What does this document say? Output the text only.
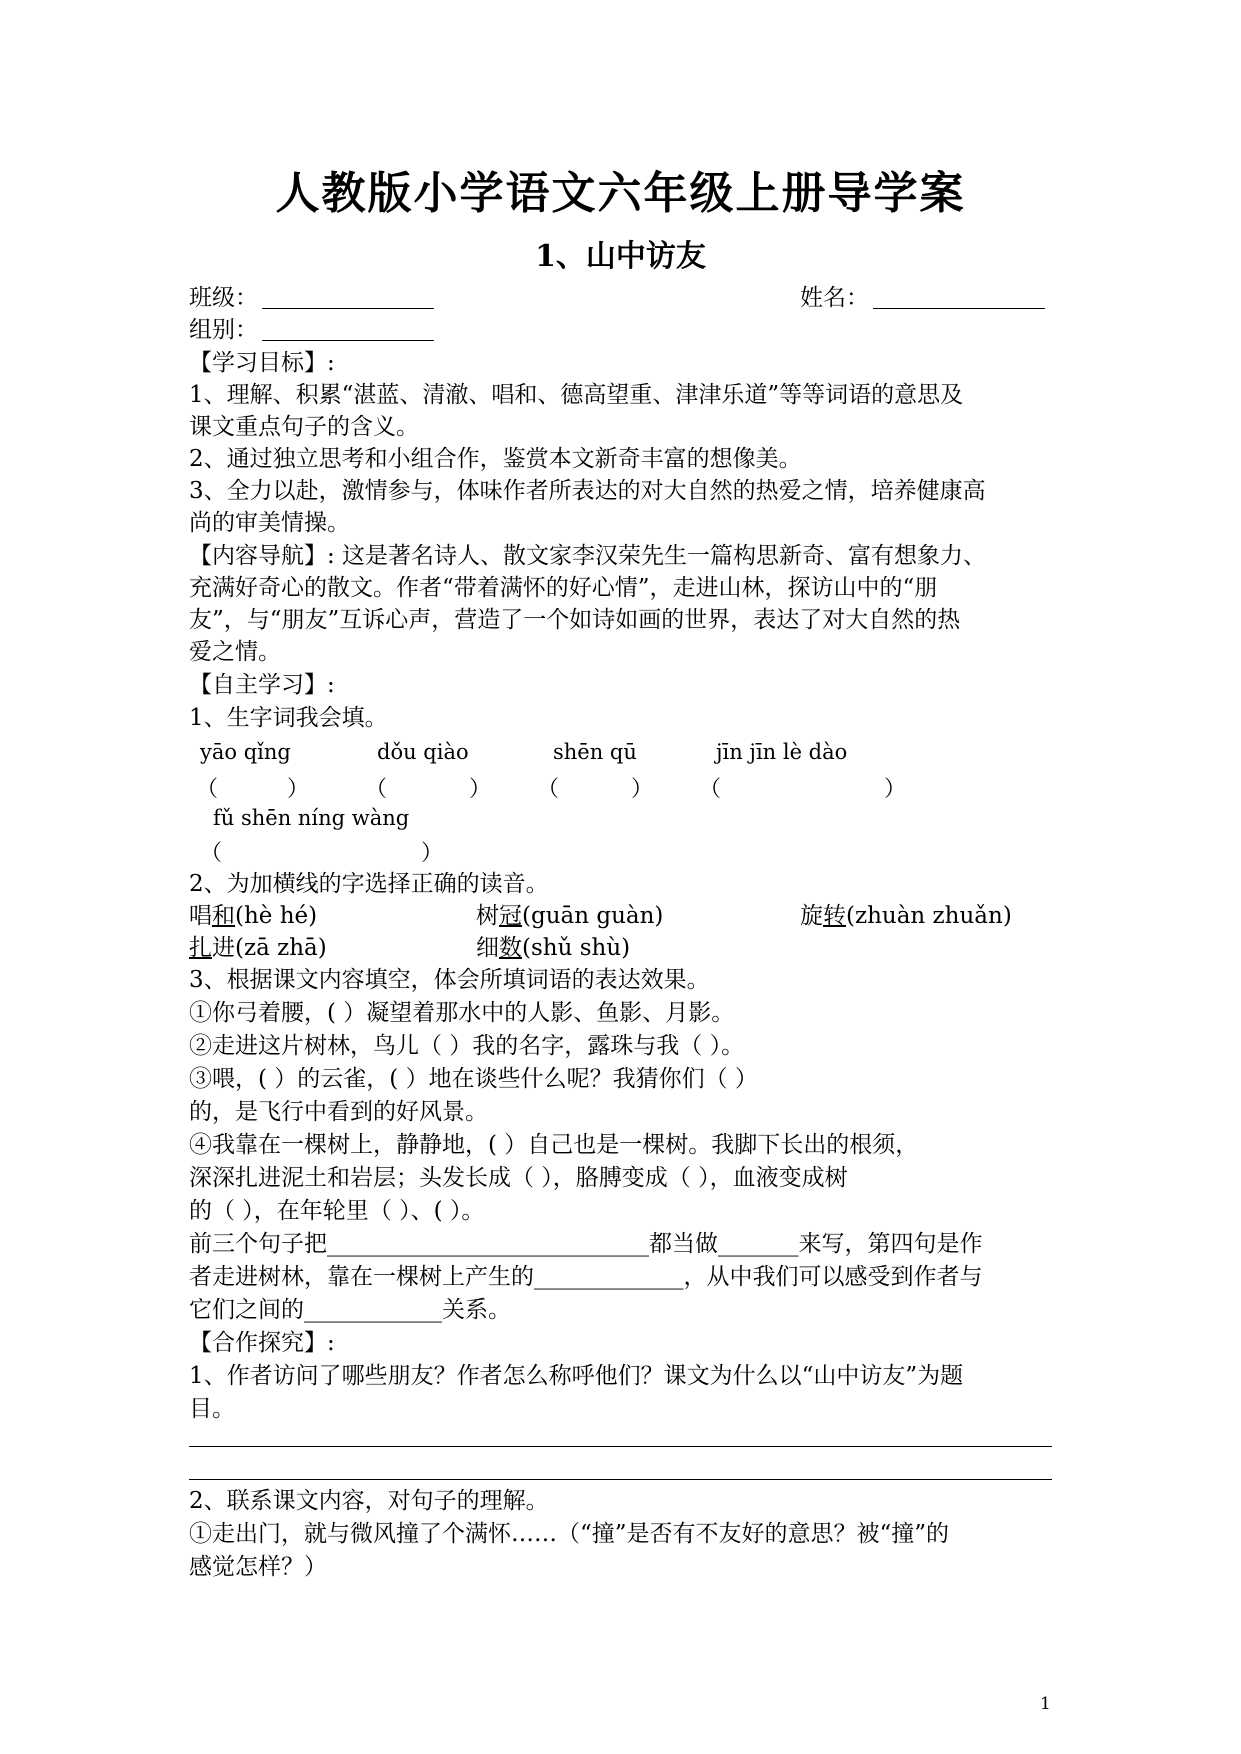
人教版小学语文六年级上册导学案
1、山中访友
班级：	姓名：
组别：
【学习目标】:
1、理解、积累“湛蓝、清澈、唱和、德高望重、津津乐道”等等词语的意思及
课文重点句子的含义。
2、通过独立思考和小组合作，鉴赏本文新奇丰富的想像美。
3、全力以赴，激情参与，体味作者所表达的对大自然的热爱之情，培养健康高
尚的审美情操。
【内容导航】: 这是著名诗人、散文家李汉荣先生一篇构思新奇、富有想象力、
充满好奇心的散文。作者“带着满怀的好心情”，走进山林，探访山中的“朋
友”，与“朋友”互诉心声，营造了一个如诗如画的世界，表达了对大自然的热
爱之情。
【自主学习】:
1、生字词我会填。
yāo qǐng	dǒu qiào	shēn qū	jīn jīn lè dào
（	）	（	） （	） （	）
fǔ shēn níng wàng
（	）
2、为加横线的字选择正确的读音。
唱和(hè hé)	树冠(guān guàn)	旋转(zhuàn zhuǎn)
扎进(zā zhā)	细数(shǔ shù)
3、根据课文内容填空，体会所填词语的表达效果。
①你弓着腰，( ）凝望着那水中的人影、鱼影、月影。
②走进这片树林，鸟儿（ ）我的名字，露珠与我（ ）。
③喂，( ）的云雀，( ）地在谈些什么呢？我猜你们（ ）
的，是飞行中看到的好风景。
④我靠在一棵树上，静静地，( ）自己也是一棵树。我脚下长出的根须，
深深扎进泥土和岩层；头发长成（ ），胳膊变成（ ），血液变成树
的（ ），在年轮里（ ）、( ）。
前三个句子把____________________________都当做_______来写，第四句是作
者走进树林，靠在一棵树上产生的_____________，从中我们可以感受到作者与
它们之间的____________关系。
【合作探究】:
1、作者访问了哪些朋友？作者怎么称呼他们？课文为什么以“山中访友”为题
目。
2、联系课文内容，对句子的理解。
①走出门，就与微风撞了个满怀……（“撞”是否有不友好的意思？被“撞”的
感觉怎样？）
1
